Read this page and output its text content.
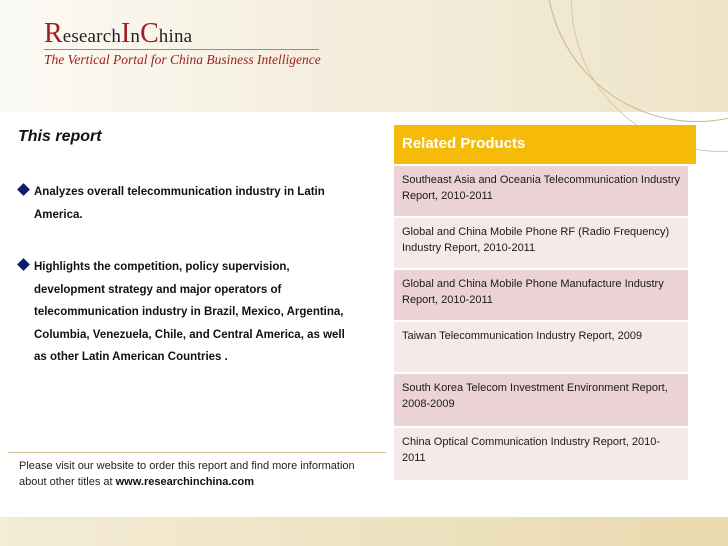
R esearch I n C hina
The Vertical Portal for China Business Intelligence
This report
Analyzes overall telecommunication industry in Latin America.
Highlights the competition, policy supervision, development strategy and major operators of telecommunication industry in Brazil, Mexico, Argentina, Columbia, Venezuela, Chile, and Central America, as well as other Latin American Countries .
Please visit our website to order this report and find more information about other titles at www.researchinchina.com
Related Products
Southeast Asia and Oceania Telecommunication Industry Report, 2010-2011
Global and China Mobile Phone RF (Radio Frequency) Industry Report, 2010-2011
Global and China Mobile Phone Manufacture Industry Report, 2010-2011
Taiwan Telecommunication Industry Report, 2009
South Korea Telecom Investment Environment Report, 2008-2009
China Optical Communication Industry Report, 2010-2011
